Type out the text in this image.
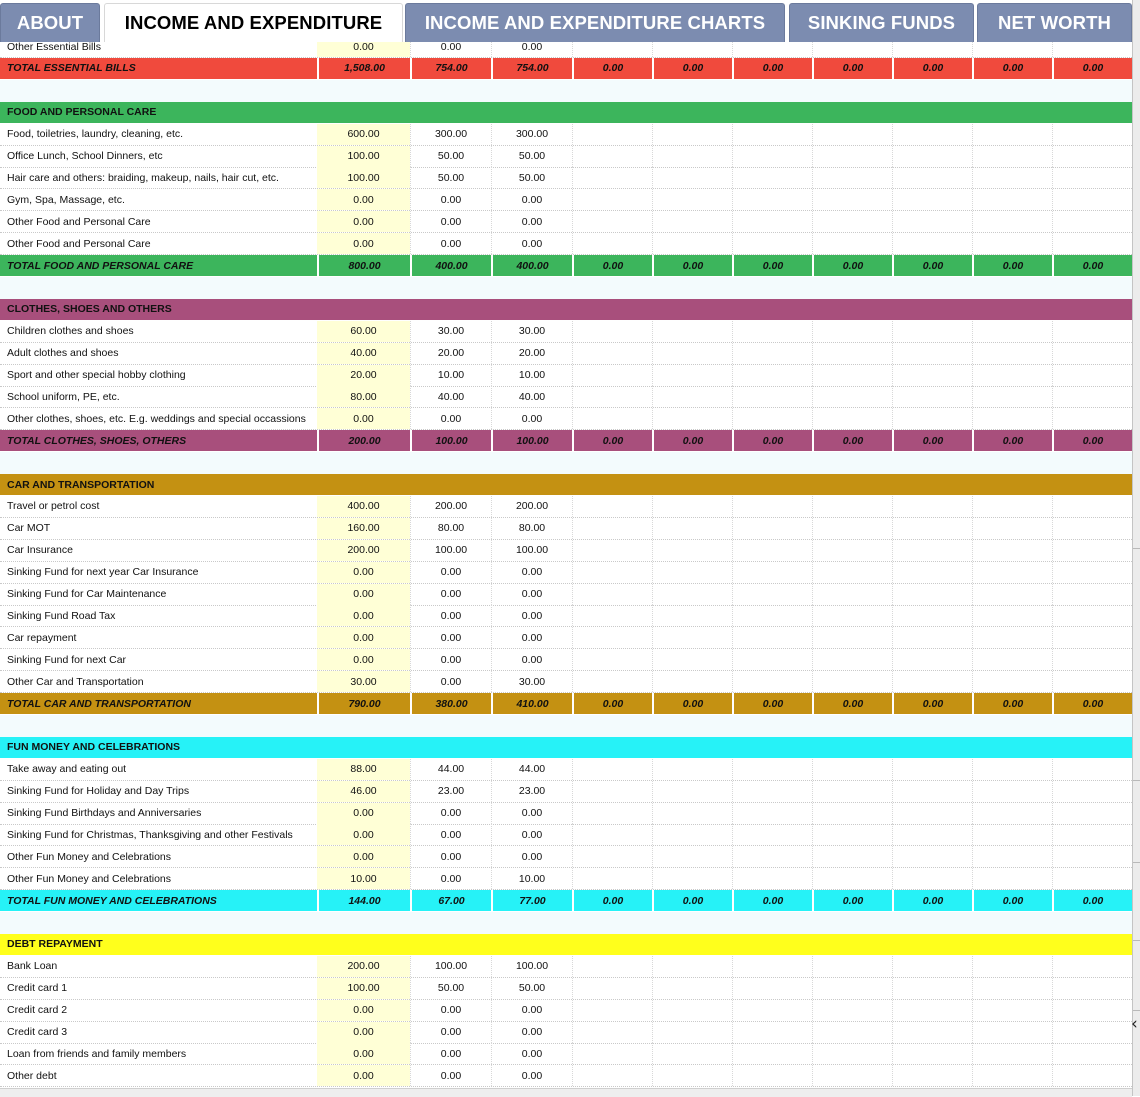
ABOUT	INCOME AND EXPENDITURE	INCOME AND EXPENDITURE CHARTS	SINKING FUNDS	NET WORTH
Other Essential Bills	0.00	0.00	0.00
TOTAL ESSENTIAL BILLS	1,508.00	754.00	754.00	0.00	0.00	0.00	0.00	0.00	0.00	0.00
FOOD AND PERSONAL CARE
Food, toiletries, laundry, cleaning, etc.	600.00	300.00	300.00
Office Lunch, School Dinners, etc	100.00	50.00	50.00
Hair care and others: braiding, makeup, nails, hair cut, etc.	100.00	50.00	50.00
Gym, Spa, Massage, etc.	0.00	0.00	0.00
Other Food and Personal Care	0.00	0.00	0.00
Other Food and Personal Care	0.00	0.00	0.00
TOTAL FOOD AND PERSONAL CARE	800.00	400.00	400.00	0.00	0.00	0.00	0.00	0.00	0.00	0.00
CLOTHES, SHOES AND OTHERS
Children clothes and shoes	60.00	30.00	30.00
Adult clothes and shoes	40.00	20.00	20.00
Sport and other special hobby clothing	20.00	10.00	10.00
School uniform, PE, etc.	80.00	40.00	40.00
Other clothes, shoes, etc. E.g. weddings and special occassions	0.00	0.00	0.00
TOTAL CLOTHES, SHOES, OTHERS	200.00	100.00	100.00	0.00	0.00	0.00	0.00	0.00	0.00	0.00
CAR AND TRANSPORTATION
Travel or petrol cost	400.00	200.00	200.00
Car MOT	160.00	80.00	80.00
Car Insurance	200.00	100.00	100.00
Sinking Fund for next year Car Insurance	0.00	0.00	0.00
Sinking Fund for Car Maintenance	0.00	0.00	0.00
Sinking Fund Road Tax	0.00	0.00	0.00
Car repayment	0.00	0.00	0.00
Sinking Fund for next Car	0.00	0.00	0.00
Other Car and Transportation	30.00	0.00	30.00
TOTAL CAR AND TRANSPORTATION	790.00	380.00	410.00	0.00	0.00	0.00	0.00	0.00	0.00	0.00
FUN MONEY AND CELEBRATIONS
Take away and eating out	88.00	44.00	44.00
Sinking Fund for Holiday and Day Trips	46.00	23.00	23.00
Sinking Fund Birthdays and Anniversaries	0.00	0.00	0.00
Sinking Fund for Christmas, Thanksgiving and other Festivals	0.00	0.00	0.00
Other Fun Money and Celebrations	0.00	0.00	0.00
Other Fun Money and Celebrations	10.00	0.00	10.00
TOTAL FUN MONEY AND CELEBRATIONS	144.00	67.00	77.00	0.00	0.00	0.00	0.00	0.00	0.00	0.00
DEBT REPAYMENT
Bank Loan	200.00	100.00	100.00
Credit card 1	100.00	50.00	50.00
Credit card 2	0.00	0.00	0.00
Credit card 3	0.00	0.00	0.00
Loan from friends and family members	0.00	0.00	0.00
Other debt	0.00	0.00	0.00
‹
